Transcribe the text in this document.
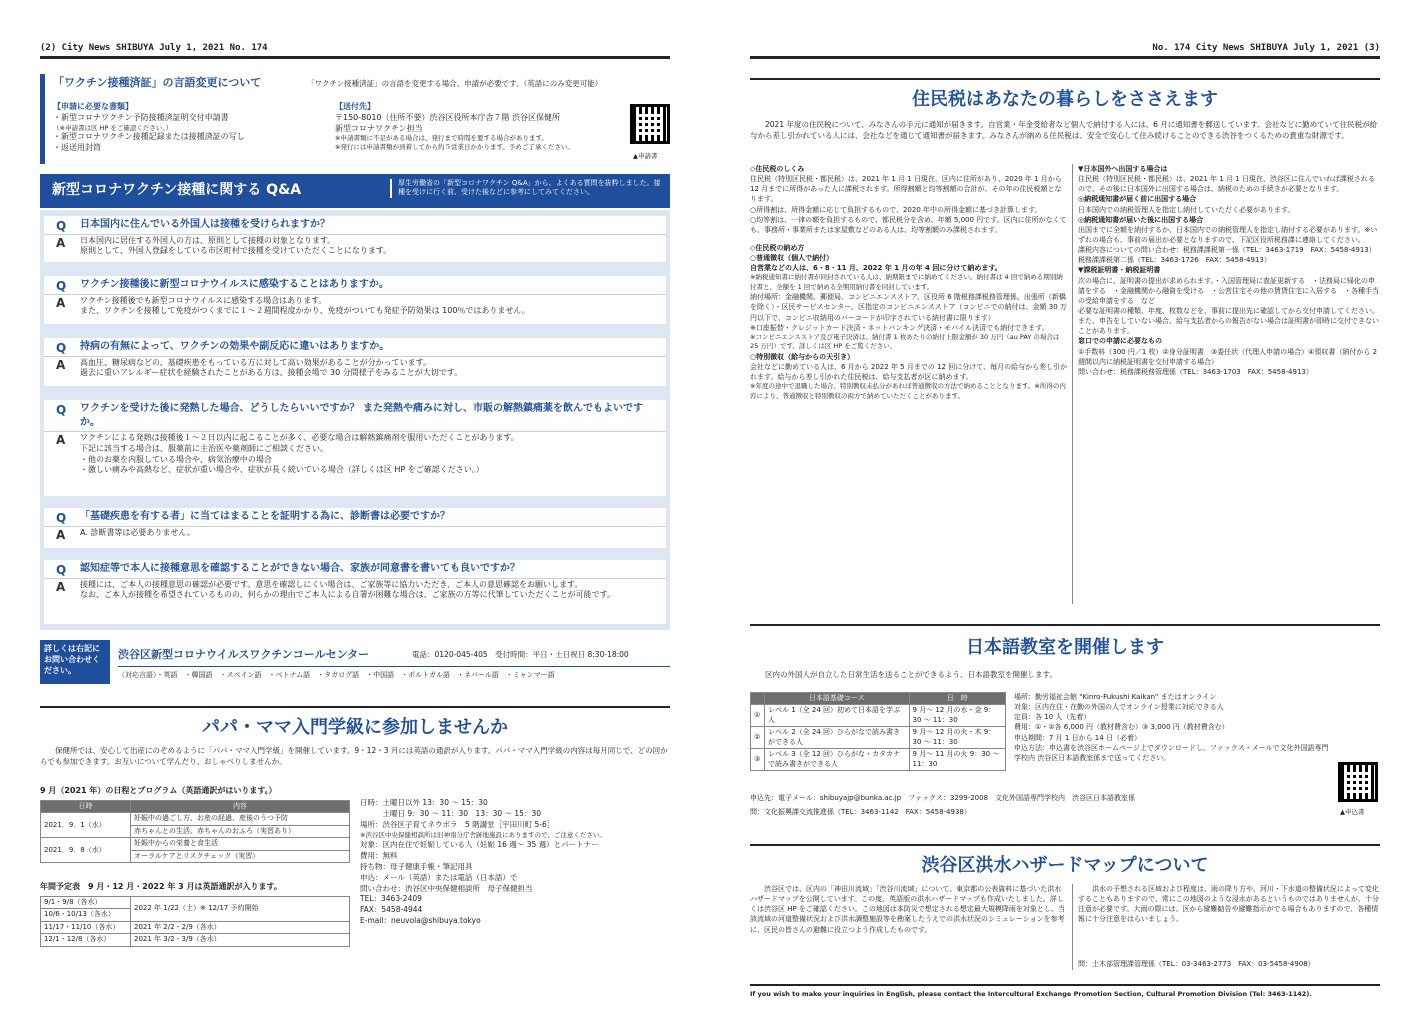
(2) City News SHIBUYA July 1, 2021 No. 174
「ワクチン接種済証」の言語変更について	「ワクチン接種済証」の言語を変更する場合、申請が必要です。（英語にのみ変更可能）
【申請に必要な書類】
・新型コロナワクチン予防接種済証明交付申請書
（※申請書は区 HP をご確認ください。）
・新型コロナワクチン接種記録または接種済証の写し
・返送用封筒
【送付先】
〒150-8010（住所不要）渋谷区役所本庁舎７階 渋谷区保健所
新型コロナワクチン担当
※申請書類に不足がある場合は、発行まで時間を要する場合があります。
※発行には申請書類が到着してから約５営業日かかります。予めご了承ください。
▲申請書
新型コロナワクチン接種に関する Q&A	厚生労働省の「新型コロナワクチン Q&A」から、よくある質問を抜粋しました。接種を受けに行く前、受けた後などに参考にしてみてください。
Q 日本国内に住んでいる外国人は接種を受けられますか？
A 日本国内に居住する外国人の方は、原則として接種の対象となります。
原則として、外国人登録をしている市区町村で接種を受けていただくことになります。
Q ワクチン接種後に新型コロナウイルスに感染することはありますか。
A ワクチン接種後でも新型コロナウイルスに感染する場合はあります。
また、ワクチンを接種して免疫がつくまでに１～２週間程度かかり、免疫がついても発症予防効果は 100％ではありません。
Q 持病の有無によって、ワクチンの効果や副反応に違いはありますか。
A 高血圧、糖尿病などの、基礎疾患をもっている方に対して高い効果があることが分かっています。
過去に重いアレルギー症状を経験されたことがある方は、接種会場で 30 分間様子をみることが大切です。
Q ワクチンを受けた後に発熱した場合、どうしたらいいですか？ また発熱や痛みに対し、市販の解熱鎮痛薬を飲んでもよいですか。
A ワクチンによる発熱は接種後１～２日以内に起こることが多く、必要な場合は解熱鎮痛剤を服用いただくことがあります。
下記に該当する場合は、服薬前に主治医や薬剤師にご相談ください。
・他のお薬を内服している場合や、病気治療中の場合
・激しい痛みや高熱など、症状が重い場合や、症状が長く続いている場合（詳しくは区 HP をご確認ください。）
Q 「基礎疾患を有する者」に当てはまることを証明する為に、診断書は必要ですか？
A A. 診断書等は必要ありません。
Q 認知症等で本人に接種意思を確認することができない場合、家族が同意書を書いても良いですか？
A 接種には、ご本人の接種意思の確認が必要です。意思を確認しにくい場合は、ご家族等に協力いただき、ご本人の意思確認をお願いします。
なお、ご本人が接種を希望されているものの、何らかの理由でご本人による自署が困難な場合は、ご家族の方等に代筆していただくことが可能です。
詳しくは右記にお問い合わせください。
渋谷区新型コロナウイルスワクチンコールセンター	電話：0120-045-405　受付時間：平日・土日祝日 8:30-18:00
（対応言語）・英語　・韓国語　・スペイン語　・ベトナム語　・タガログ語　・中国語　・ポルトガル語　・ネパール語　・ミャンマー語
パパ・ママ入門学級に参加しませんか
保健所では、安心して出産にのぞめるように「パパ・ママ入門学級」を開催しています。9・12・3 月には英語の通訳が入ります。パパ・ママ入門学級の内容は毎月同じで、どの回からでも参加できます。お互いについて学んだり、おしゃべりしませんか。
9 月（2021 年）の日程とプログラム（英語通訳がはいります。）
日時	内容
2021．9．1（水）	妊娠中の過ごし方、お産の経過、産後のうつ予防
	赤ちゃんとの生活、赤ちゃんのおふろ（実習あり）
2021．9．8（水）	妊娠中からの栄養と食生活
	オーラルケアとリスクチェック（実習）
年間予定表　9 月・12 月・2022 年 3 月は英語通訳が入ります。
9/1・9/8（各水）	2022 年 1/22（土）※ 12/17 予約開始
10/6・10/13（各水）	
11/17・11/10（各水）	2021 年 2/2・2/9（各水）
12/1・12/8（各水）	2021 年 3/2・3/9（各水）
日時：土曜日以外 13：30 ～ 15：30
　　　土曜日 9：30 ～ 11：30　13：30 ～ 15：30
場所：渋谷区子育てネウボラ　5 階講堂［宇田川町 5-6］
※渋谷区中央保健相談所は旧神南分庁舎跡地施設にありますので、ご注意ください。
対象：区内在住で妊娠している人（妊娠 16 週～ 35 週）とパートナー
費用：無料
持ち物：母子健康手帳・筆記用具
申込：メール（英語）または電話（日本語）で
問い合わせ：渋谷区中央保健相談所　母子保健担当
TEL：3463-2409
FAX：5458-4944
E-mail：neuvola@shibuya.tokyo
No. 174 City News SHIBUYA July 1, 2021 (3)
住民税はあなたの暮らしをささえます
2021 年度の住民税について、みなさんの手元に通知が届きます。自営業・年金受給者など個人で納付する人には、6 月に通知書を郵送しています。会社などに勤めていて住民税が給与から差し引かれている人には、会社などを通じて通知書が届きます。みなさんが納める住民税は、安全で安心して住み続けることのできる渋谷をつくるための貴重な財源です。
◇住民税のしくみ
住民税（特別区民税・都民税）は、2021 年 1 月 1 日現在、区内に住所があり、2020 年 1 月から 12 月までに所得があった人に課税されます。所得割額と均等割額の合計が、その年の住民税額となります。
○所得割は、所得金額に応じて負担するもので、2020 年中の所得金額に基づき計算します。
○均等割は、一律の額を負担するもので、都民税分を含め、年額 5,000 円です。区内に住所がなくても、事務所・事業所または家屋敷などのある人は、均等割額のみ課税されます。
◇住民税の納め方
○普通徴収（個人で納付）
自営業などの人は、6・8・11 月、2022 年 1 月の年 4 回に分けて納めます。
※納税通知書に納付書が同封されている人は、納期限までに納めてください。納付書は 4 回で納める期別納付書と、全額を 1 回で納める全期用納付書を同封しています。
納付場所：金融機関、郵便局、コンビニエンスストア、区役所 6 階税務課税務管理係、出張所（新橋を除く）・区民サービスセンター、区指定のコンビニエンスストア（コンビニでの納付は、金額 30 万円以下で、コンビニ収納用のバーコードが印字されている納付書に限ります）
※口座振替・クレジットカード決済・ネットバンキング決済・モバイル決済でも納付できます。
※コンビニエンスストア及び電子決済は、納付書 1 枚あたりの納付上限金額が 30 万円（au PAY の場合は 25 万円）です。詳しくは区 HP をご覧ください。
○特別徴収（給与からの天引き）
会社などに勤めている人は、6 月から 2022 年 5 月までの 12 回に分けて、毎月の給与から差し引かれます。給与から差し引かれた住民税は、給与支払者が区に納めます。
※年度の途中で退職した場合、特別徴収未払分があれば普通徴収の方法で納めることとなります。※所得の内容により、普通徴収と特別徴収の両方で納めていただくことがあります。
▼日本国外へ出国する場合は
住民税（特別区民税・都民税）は、2021 年 1 月 1 日現在、渋谷区に住んでいれば課税されるので、その後に日本国外に出国する場合は、納税のための手続きが必要となります。
◎納税通知書が届く前に出国する場合
日本国内での納税管理人を指定し納付していただく必要があります。
◎納税通知書が届いた後に出国する場合
出国までに全額を納付するか、日本国内での納税管理人を指定し納付する必要があります。※いずれの場合も、事前の届出が必要となりますので、下記区役所税務課に連絡してください。
課税内容についての問い合わせ：税務課課税第一係（TEL：3463-1719　FAX：5458-4913）税務課課税第二係（TEL：3463-1726　FAX：5458-4913）
▼課税証明書・納税証明書
次の場合に、証明書の提出が求められます。・入国管理局に査証更新する　・法務局に帰化の申請をする　・金融機関から融資を受ける　・公営住宅その他の賃貸住宅に入居する　・各種手当の受給申請をする　など
必要な証明書の種類、年度、枚数などを、事前に提出先に確認してから交付申請してください。また、申告をしていない場合、給与支払者からの報告がない場合は証明書が即時に交付できないことがあります。
窓口での申請に必要なもの
①手数料（300 円／1 枚）②身分証明書　③委任状（代理人申請の場合）④領収書（納付から 2 週間以内に納税証明書を交付申請する場合）
問い合わせ：税務課税務管理係（TEL：3463-1703　FAX：5458-4913）
日本語教室を開催します
区内の外国人が自立した日常生活を送ることができるよう、日本語教室を開催します。
	日本語基礎コース	日　時
①	レベル 1（全 24 回）初めて日本語を学ぶ人	9 月～ 12 月の水・金 9：30 ～ 11：30
②	レベル 2（全 24 回）ひらがなで読み書きができる人	9 月～ 12 月の火・木 9：30 ～ 11：30
③	レベル 3（全 12 回）ひらがな・カタカナで読み書きができる人	9 月～ 11 月の火 9：30 ～ 11：30
場所：勤労福祉会館 "Kinro-Fukushi Kaikan" またはオンライン
対象：区内在住・在勤の外国の人でオンライン授業に対応できる人
定員：各 10 人（先着）
費用：①・②各 6,000 円（教材費含む）③ 3,000 円（教材費含む）
申込期間：7 月 1 日から 14 日（必着）
申込方法：申込書を渋谷区ホームページ上でダウンロードし、ファックス・メールで文化外国語専門学校内 渋谷区日本語教室係まで送ってください。
▲申込書
申込先：電子メール：shibuyajp@bunka.ac.jp　ファックス：3299-2008　文化外国語専門学校内　渋谷区日本語教室係
問：文化振興課交流推進係（TEL：3463-1142　FAX：5458-4938）
渋谷区洪水ハザードマップについて
渋谷区では、区内の「神田川流域」「渋谷川流域」について、東京都の公表資料に基づいた洪水ハザードマップを公開しています。この度、英語版の洪水ハザードマップも作成いたしました。詳しくは渋谷区 HP をご確認ください。この地図は本防災で想定される想定最大規模降雨を対象とし、当該流域の河道整備状況および洪水調整施設等を勘案したうえでの洪水状況のシミュレーションを参考に、区民の皆さんの避難に役立つよう作成したものです。
洪水の予想される区域および程度は、雨の降り方や、河川・下水道の整備状況によって変化することもありますので、常にこの地図のような浸水があるというものではありませんが、十分注意が必要です。大雨の際には、区から避難勧告や避難指示がでる場合もありますので、各種情報に十分注意をはらいましょう。
問：土木部管理課管理係（TEL：03-3463-2773　FAX：03-5458-4908）
If you wish to make your inquiries in English, please contact the Intercultural Exchange Promotion Section, Cultural Promotion Division (Tel: 3463-1142).
